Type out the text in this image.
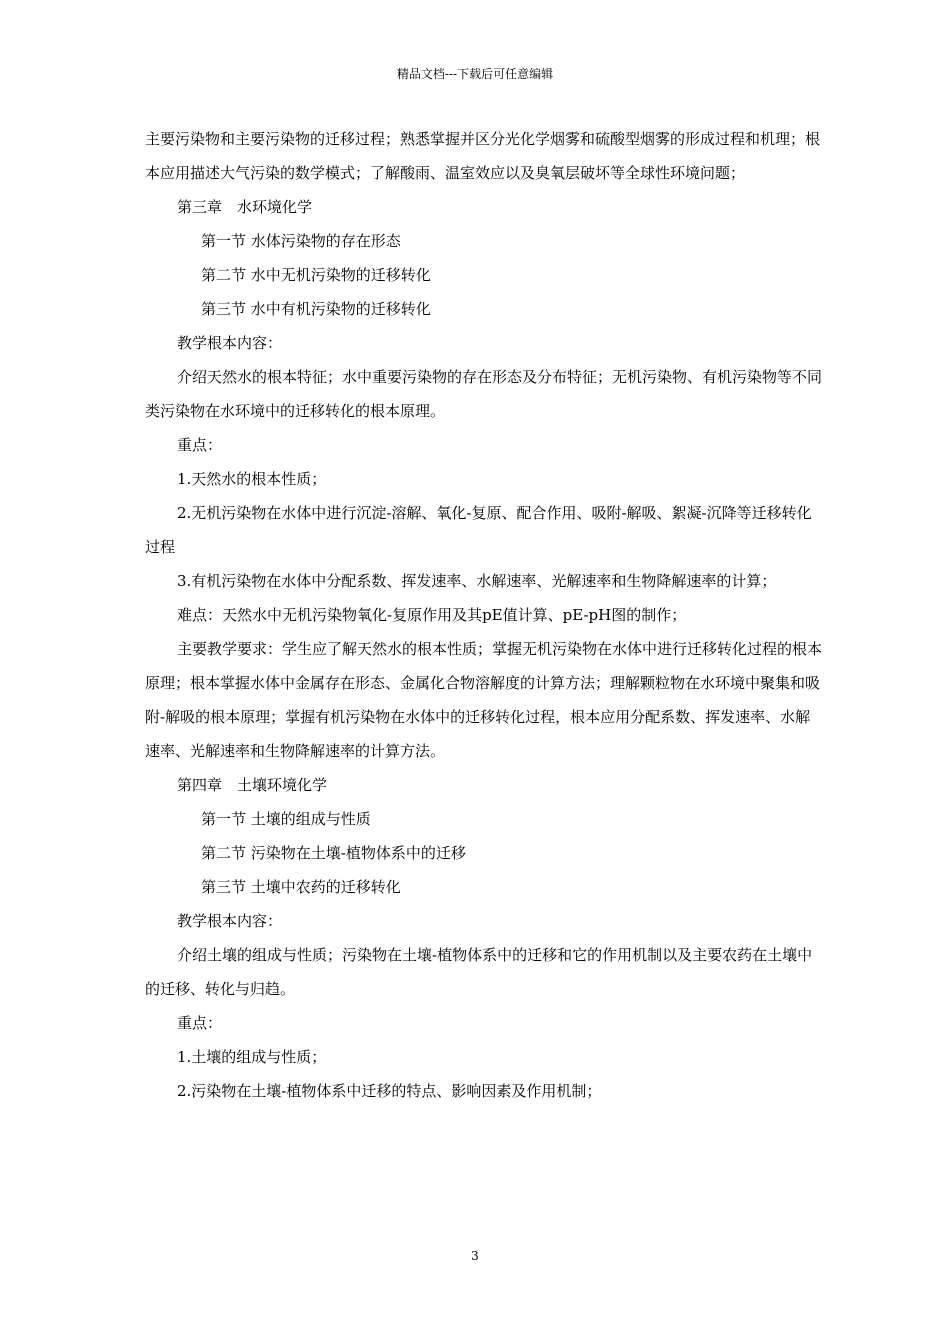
精品文档---下载后可任意编辑

主要污染物和主要污染物的迁移过程；熟悉掌握并区分光化学烟雾和硫酸型烟雾的形成过程和机理；根本应用描述大气污染的数学模式；了解酸雨、温室效应以及臭氧层破坏等全球性环境问题；

第三章　水环境化学

第一节 水体污染物的存在形态

第二节 水中无机污染物的迁移转化

第三节 水中有机污染物的迁移转化

教学根本内容：

介绍天然水的根本特征；水中重要污染物的存在形态及分布特征；无机污染物、有机污染物等不同类污染物在水环境中的迁移转化的根本原理。

重点：

1.天然水的根本性质；

2.无机污染物在水体中进行沉淀-溶解、氧化-复原、配合作用、吸附-解吸、絮凝-沉降等迁移转化过程

3.有机污染物在水体中分配系数、挥发速率、水解速率、光解速率和生物降解速率的计算；

难点：天然水中无机污染物氧化-复原作用及其pE值计算、pE-pH图的制作；

主要教学要求：学生应了解天然水的根本性质；掌握无机污染物在水体中进行迁移转化过程的根本原理；根本掌握水体中金属存在形态、金属化合物溶解度的计算方法；理解颗粒物在水环境中聚集和吸附-解吸的根本原理；掌握有机污染物在水体中的迁移转化过程，根本应用分配系数、挥发速率、水解速率、光解速率和生物降解速率的计算方法。

第四章　土壤环境化学

第一节 土壤的组成与性质

第二节 污染物在土壤-植物体系中的迁移

第三节 土壤中农药的迁移转化

教学根本内容：

介绍土壤的组成与性质；污染物在土壤-植物体系中的迁移和它的作用机制以及主要农药在土壤中的迁移、转化与归趋。

重点：

1.土壤的组成与性质；

2.污染物在土壤-植物体系中迁移的特点、影响因素及作用机制；

3
